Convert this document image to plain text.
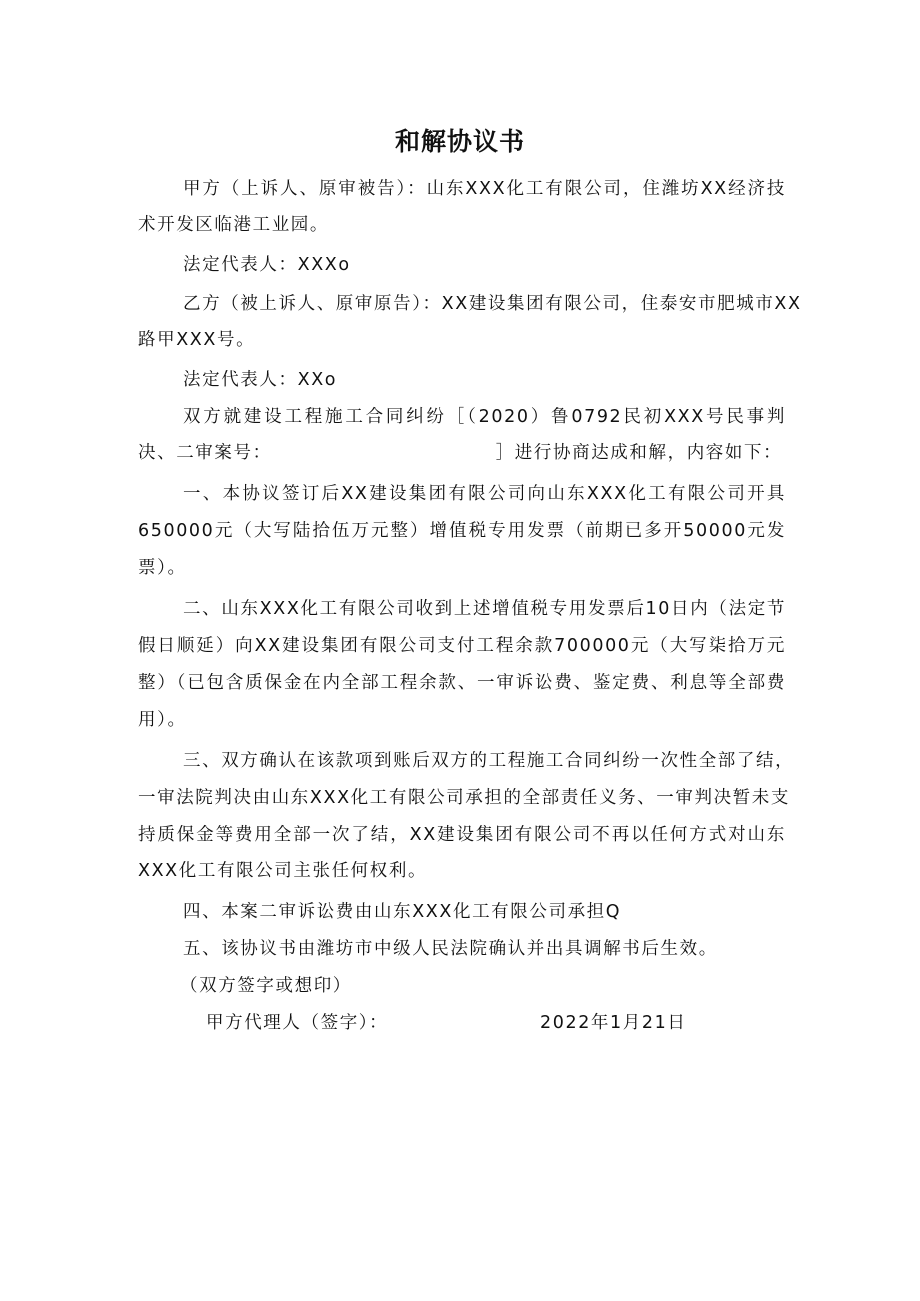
和解协议书
甲方（上诉人、原审被告）：山东XXX化工有限公司，住潍坊XX经济技
术开发区临港工业园。
法定代表人：XXXo
乙方（被上诉人、原审原告）：XX建设集团有限公司，住泰安市肥城市XX
路甲XXX号。
法定代表人：XXo
双方就建设工程施工合同纠纷［（2020）鲁0792民初XXX号民事判
决、二审案号：	］进行协商达成和解，内容如下：
一、本协议签订后XX建设集团有限公司向山东XXX化工有限公司开具
650000元（大写陆拾伍万元整）增值税专用发票（前期已多开50000元发
票）。
二、山东XXX化工有限公司收到上述增值税专用发票后10日内（法定节
假日顺延）向XX建设集团有限公司支付工程余款700000元（大写柒拾万元
整）（已包含质保金在内全部工程余款、一审诉讼费、鉴定费、利息等全部费
用）。
三、双方确认在该款项到账后双方的工程施工合同纠纷一次性全部了结，
一审法院判决由山东XXX化工有限公司承担的全部责任义务、一审判决暂未支
持质保金等费用全部一次了结，XX建设集团有限公司不再以任何方式对山东
XXX化工有限公司主张任何权利。
四、本案二审诉讼费由山东XXX化工有限公司承担Q
五、该协议书由潍坊市中级人民法院确认并出具调解书后生效。
（双方签字或想印）
甲方代理人（签字）：	2022年1月21日
